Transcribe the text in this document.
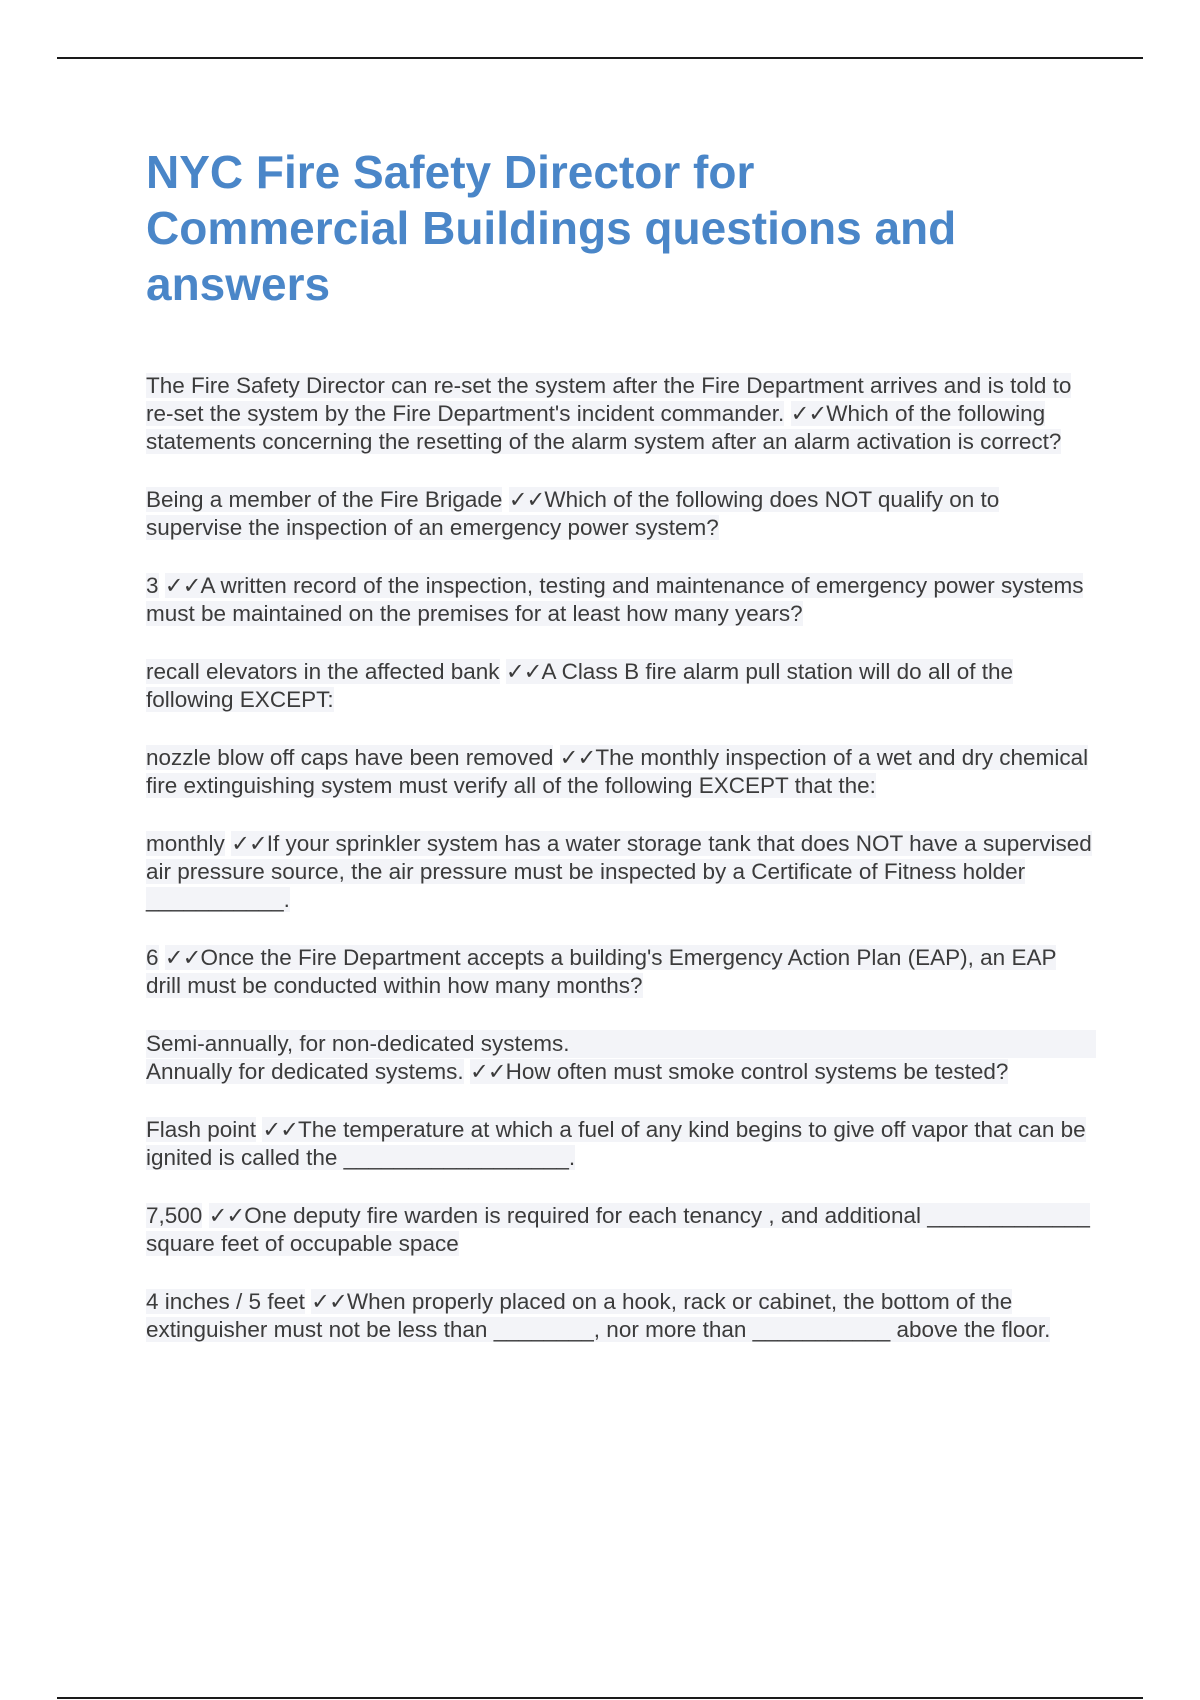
NYC Fire Safety Director for Commercial Buildings questions and answers

The Fire Safety Director can re-set the system after the Fire Department arrives and is told to re-set the system by the Fire Department's incident commander. ✓✓Which of the following statements concerning the resetting of the alarm system after an alarm activation is correct?

Being a member of the Fire Brigade ✓✓Which of the following does NOT qualify on to supervise the inspection of an emergency power system?

3 ✓✓A written record of the inspection, testing and maintenance of emergency power systems must be maintained on the premises for at least how many years?

recall elevators in the affected bank ✓✓A Class B fire alarm pull station will do all of the following EXCEPT:

nozzle blow off caps have been removed ✓✓The monthly inspection of a wet and dry chemical fire extinguishing system must verify all of the following EXCEPT that the:

monthly ✓✓If your sprinkler system has a water storage tank that does NOT have a supervised air pressure source, the air pressure must be inspected by a Certificate of Fitness holder ___________.

6 ✓✓Once the Fire Department accepts a building's Emergency Action Plan (EAP), an EAP drill must be conducted within how many months?

Semi-annually, for non-dedicated systems.
Annually for dedicated systems. ✓✓How often must smoke control systems be tested?

Flash point ✓✓The temperature at which a fuel of any kind begins to give off vapor that can be ignited is called the __________________.

7,500 ✓✓One deputy fire warden is required for each tenancy , and additional _____________ square feet of occupable space

4 inches / 5 feet ✓✓When properly placed on a hook, rack or cabinet, the bottom of the extinguisher must not be less than ________, nor more than ___________ above the floor.
